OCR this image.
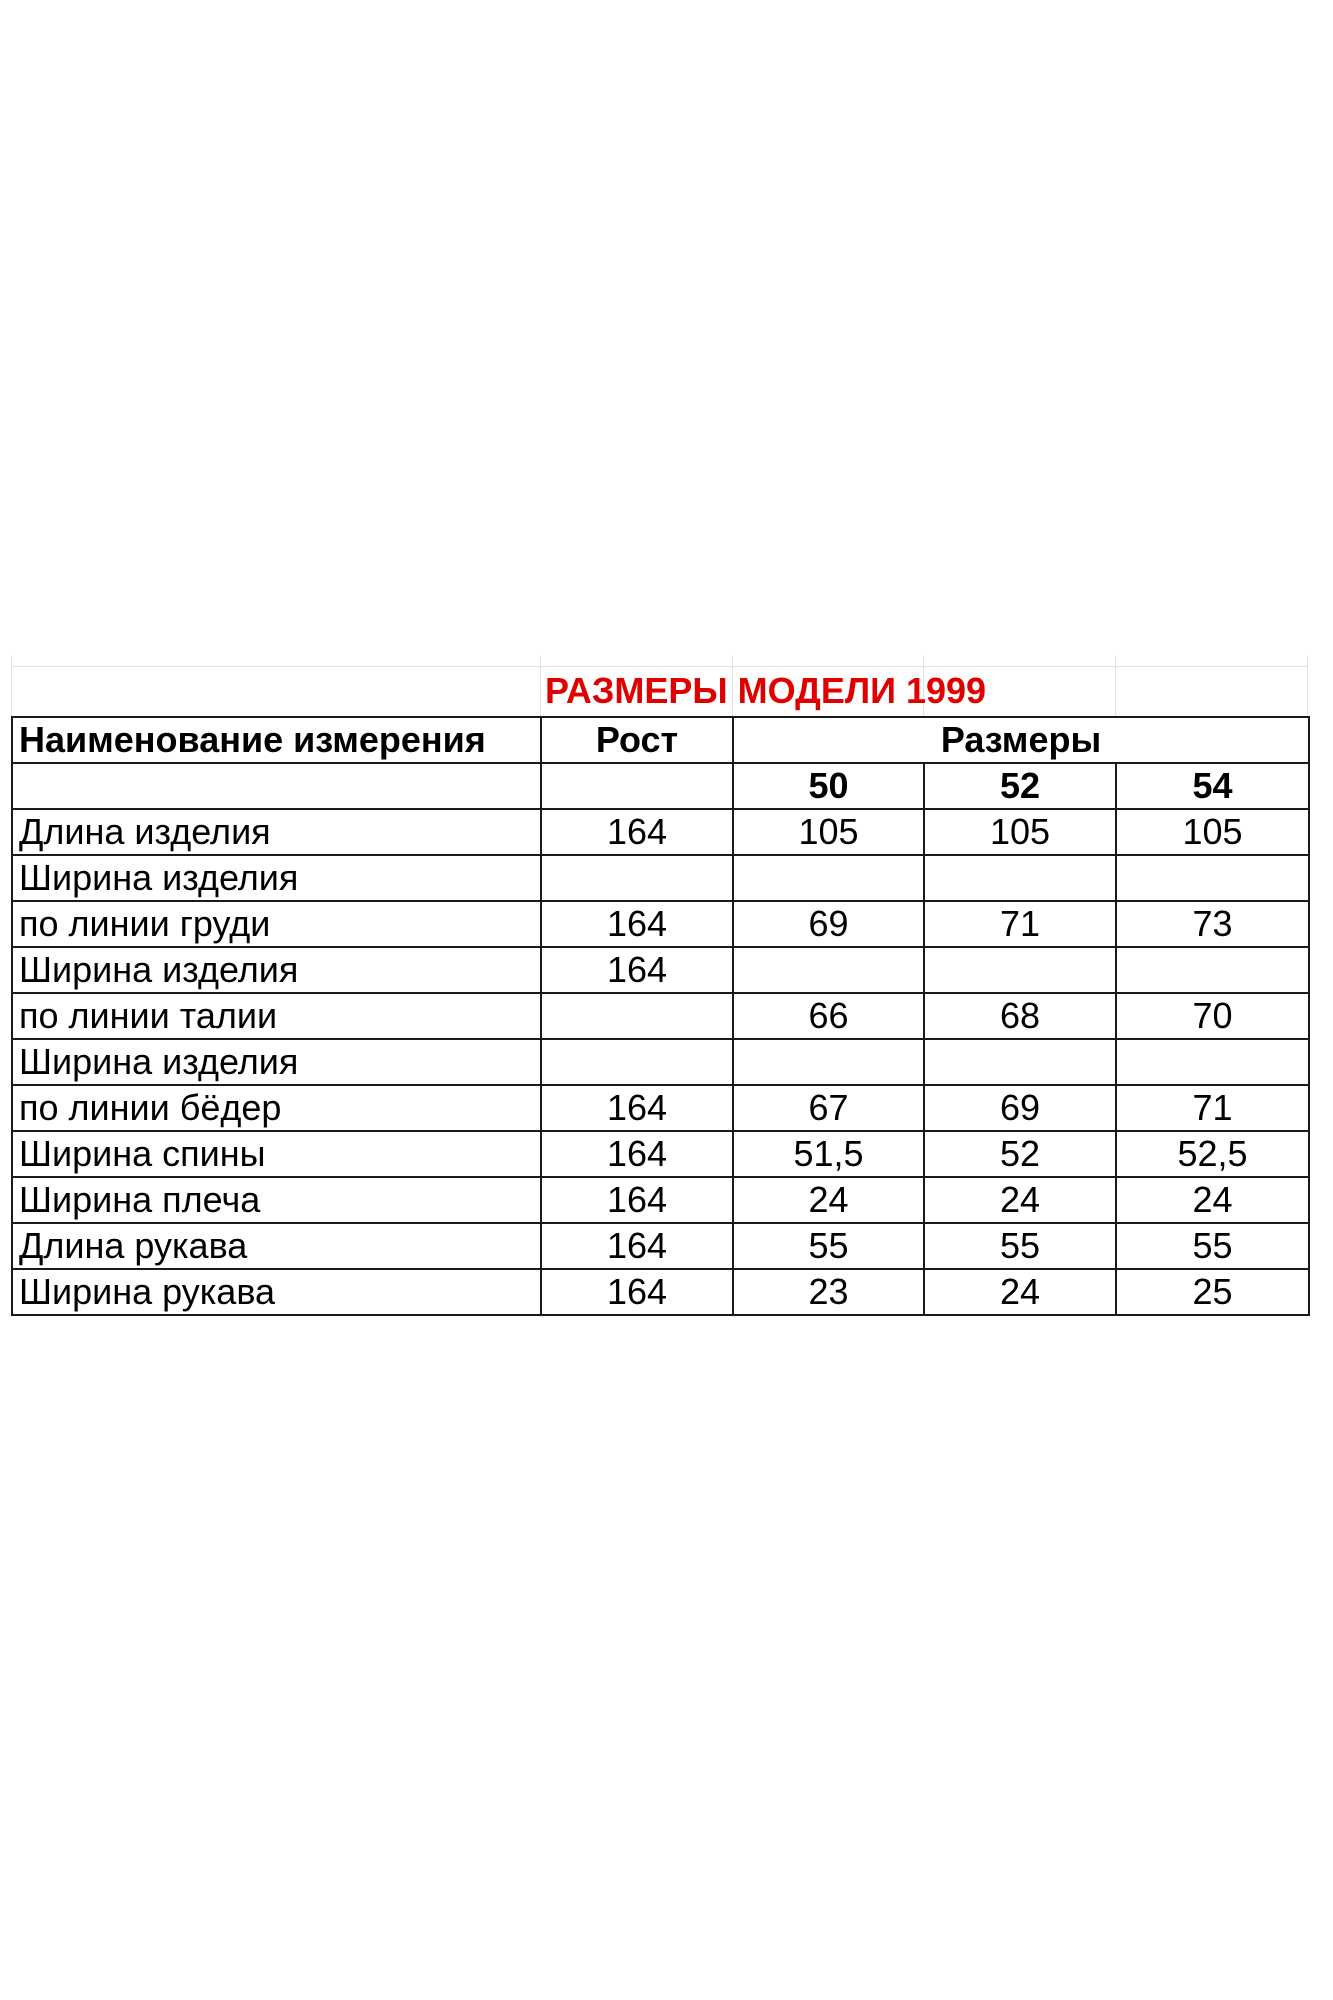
РАЗМЕРЫ МОДЕЛИ 1999
Наименование измерения	Рост	Размеры		
		50	52	54
Длина изделия	164	105	105	105
Ширина изделия				
по линии груди	164	69	71	73
Ширина изделия	164			
по линии талии		66	68	70
Ширина изделия				
по линии бёдер	164	67	69	71
Ширина спины	164	51,5	52	52,5
Ширина плеча	164	24	24	24
Длина рукава	164	55	55	55
Ширина рукава	164	23	24	25
